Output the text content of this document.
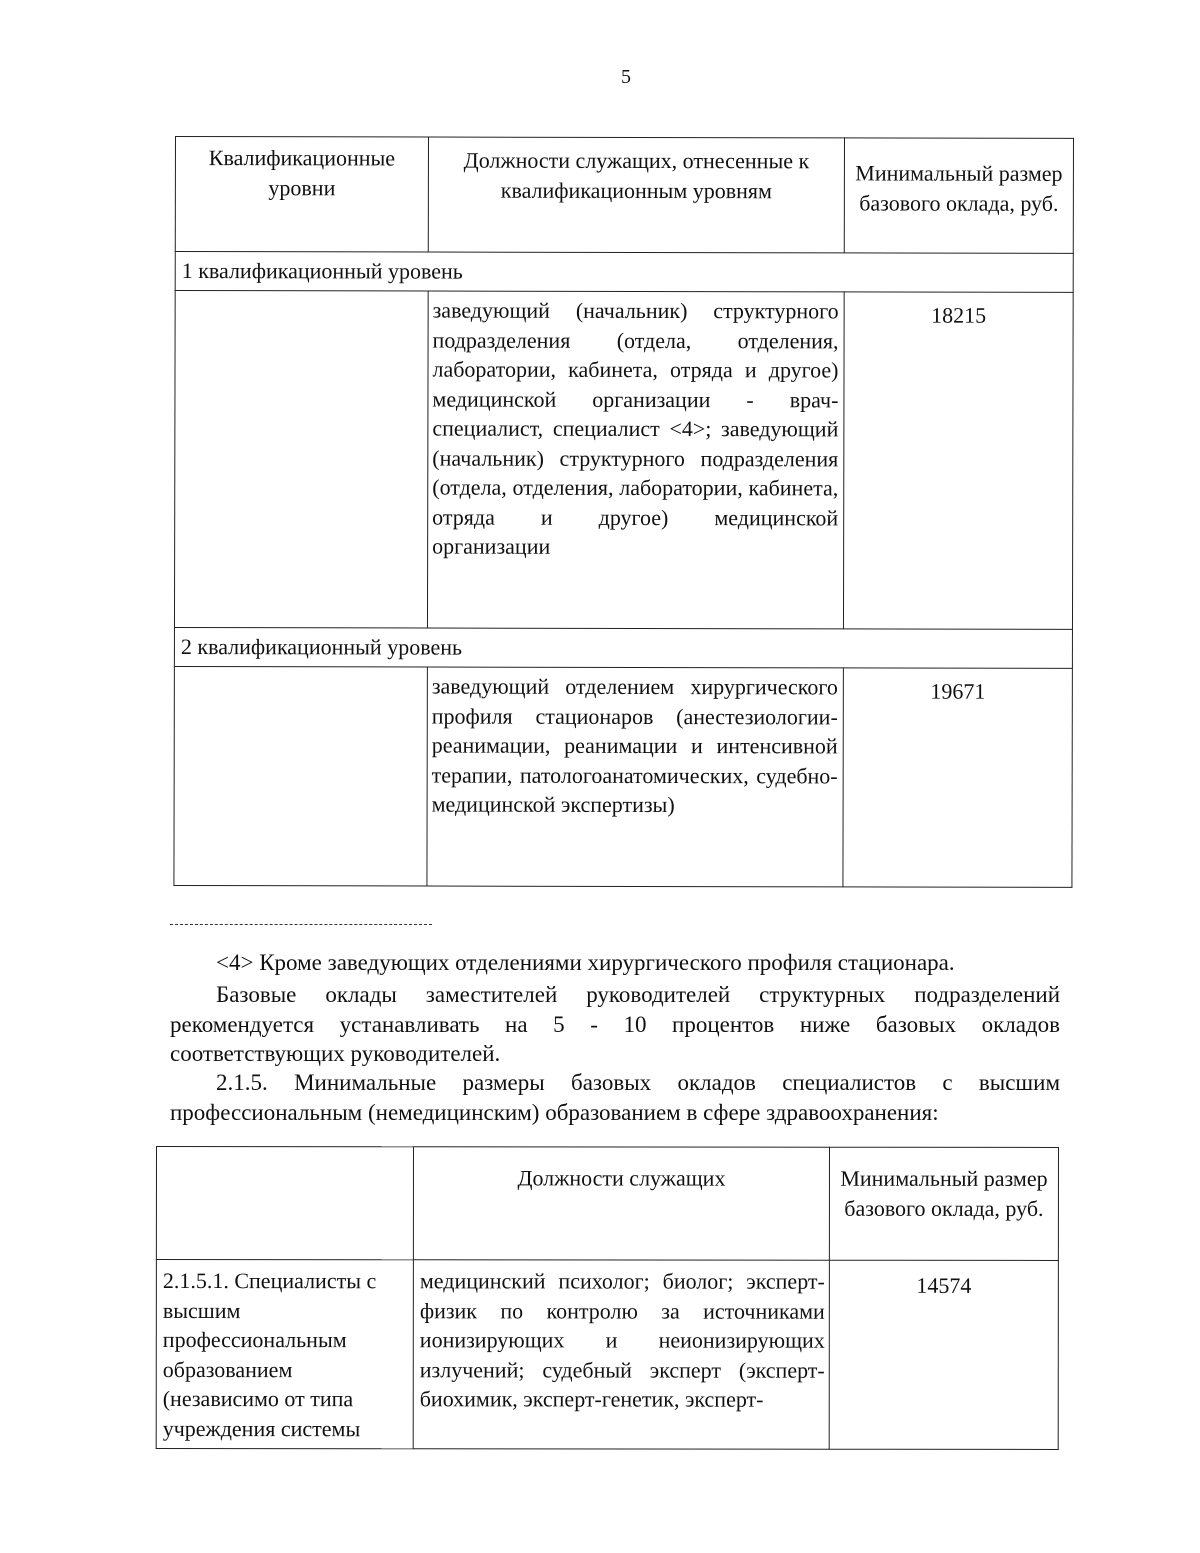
5
Квалификационные уровни	Должности служащих, отнесенные к квалификационным уровням	Минимальный размер базового оклада, руб.
1 квалификационный уровень		
	заведующий (начальник) структурного подразделения (отдела, отделения, лаборатории, кабинета, отряда и другое) медицинской организации - врач-специалист, специалист <4>; заведующий (начальник) структурного подразделения (отдела, отделения, лаборатории, кабинета, отряда и другое) медицинской организации	18215
2 квалификационный уровень		
	заведующий отделением хирургического профиля стационаров (анестезиологии-реанимации, реанимации и интенсивной терапии, патологоанатомических, судебно-медицинской экспертизы)	19671
<4> Кроме заведующих отделениями хирургического профиля стационара.
Базовые оклады заместителей руководителей структурных подразделений рекомендуется устанавливать на 5 - 10 процентов ниже базовых окладов соответствующих руководителей.
2.1.5. Минимальные размеры базовых окладов специалистов с высшим профессиональным (немедицинским) образованием в сфере здравоохранения:
	Должности служащих	Минимальный размер базового оклада, руб.
2.1.5.1. Специалисты с высшим профессиональным образованием (независимо от типа учреждения системы	медицинский психолог; биолог; эксперт-физик по контролю за источниками ионизирующих и неионизирующих излучений; судебный эксперт (эксперт-биохимик, эксперт-генетик, эксперт-	14574
